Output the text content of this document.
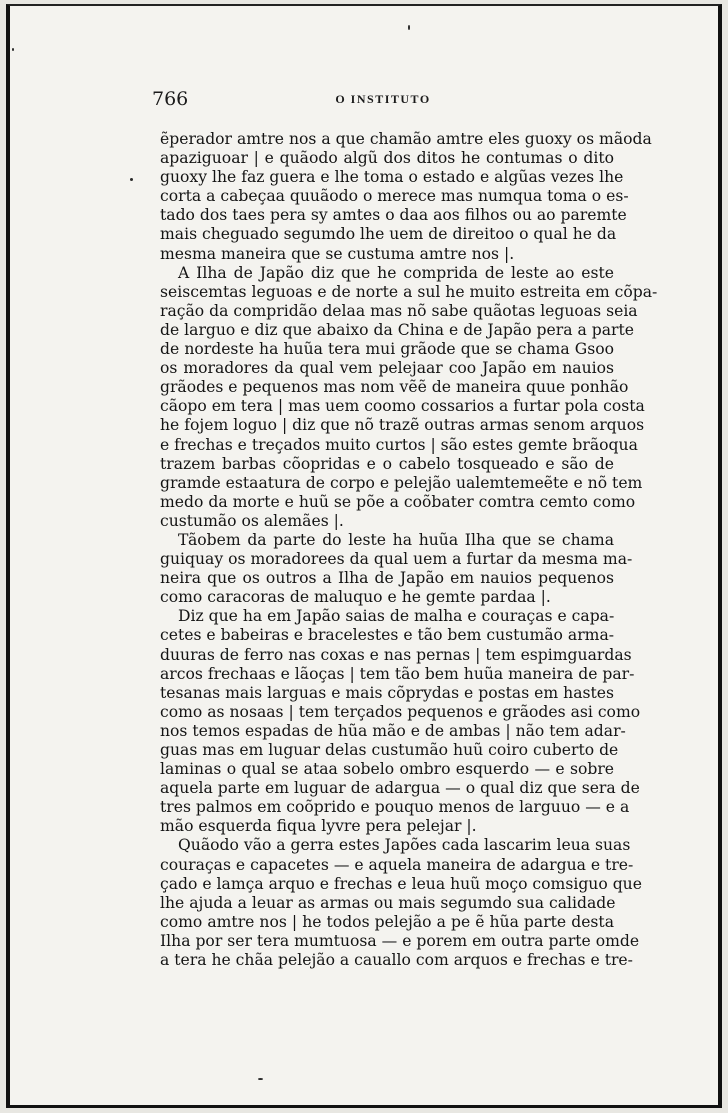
766	O INSTITUTO
ẽperador amtre nos a que chamão amtre eles guoxy os mãoda
apaziguoar | e quãodo algũ dos ditos he contumas o dito
guoxy lhe faz guera e lhe toma o estado e algũas vezes lhe
corta a cabeçaa quuãodo o merece mas numqua toma o es-
tado dos taes pera sy amtes o daa aos filhos ou ao paremte
mais cheguado segumdo lhe uem de direitoo o qual he da
mesma maneira que se custuma amtre nos |.
A Ilha de Japão diz que he comprida de leste ao este
seiscemtas leguoas e de norte a sul he muito estreita em cõpa-
ração da compridão delaa mas nõ sabe quãotas leguoas seia
de larguo e diz que abaixo da China e de Japão pera a parte
de nordeste ha huũa tera mui grãode que se chama Gsoo
os moradores da qual vem pelejaar coo Japão em nauios
grãodes e pequenos mas nom vẽẽ de maneira quue ponhão
cãopo em tera | mas uem coomo cossarios a furtar pola costa
he fojem loguo | diz que nõ trazẽ outras armas senom arquos
e frechas e treçados muito curtos | são estes gemte brãoqua
trazem barbas cõopridas e o cabelo tosqueado e são de
gramde estaatura de corpo e pelejão ualemtemeẽte e nõ tem
medo da morte e huũ se põe a coõbater comtra cemto como
custumão os alemães |.
Tãobem da parte do leste ha huũa Ilha que se chama
guiquay os moradorees da qual uem a furtar da mesma ma-
neira que os outros a Ilha de Japão em nauios pequenos
como caracoras de maluquo e he gemte pardaa |.
Diz que ha em Japão saias de malha e couraças e capa-
cetes e babeiras e bracelestes e tão bem custumão arma-
duuras de ferro nas coxas e nas pernas | tem espimguardas
arcos frechaas e lãoças | tem tão bem huũa maneira de par-
tesanas mais larguas e mais cõprydas e postas em hastes
como as nosaas | tem terçados pequenos e grãodes asi como
nos temos espadas de hũa mão e de ambas | não tem adar-
guas mas em luguar delas custumão huũ coiro cuberto de
laminas o qual se ataa sobelo ombro esquerdo — e sobre
aquela parte em luguar de adargua — o qual diz que sera de
tres palmos em coõprido e pouquo menos de larguuo — e a
mão esquerda fiqua lyvre pera pelejar |.
Quãodo vão a gerra estes Japões cada lascarim leua suas
couraças e capacetes — e aquela maneira de adargua e tre-
çado e lamça arquo e frechas e leua huũ moço comsiguo que
lhe ajuda a leuar as armas ou mais segumdo sua calidade
como amtre nos | he todos pelejão a pe ẽ hũa parte desta
Ilha por ser tera mumtuosa — e porem em outra parte omde
a tera he chãa pelejão a cauallo com arquos e frechas e tre-
